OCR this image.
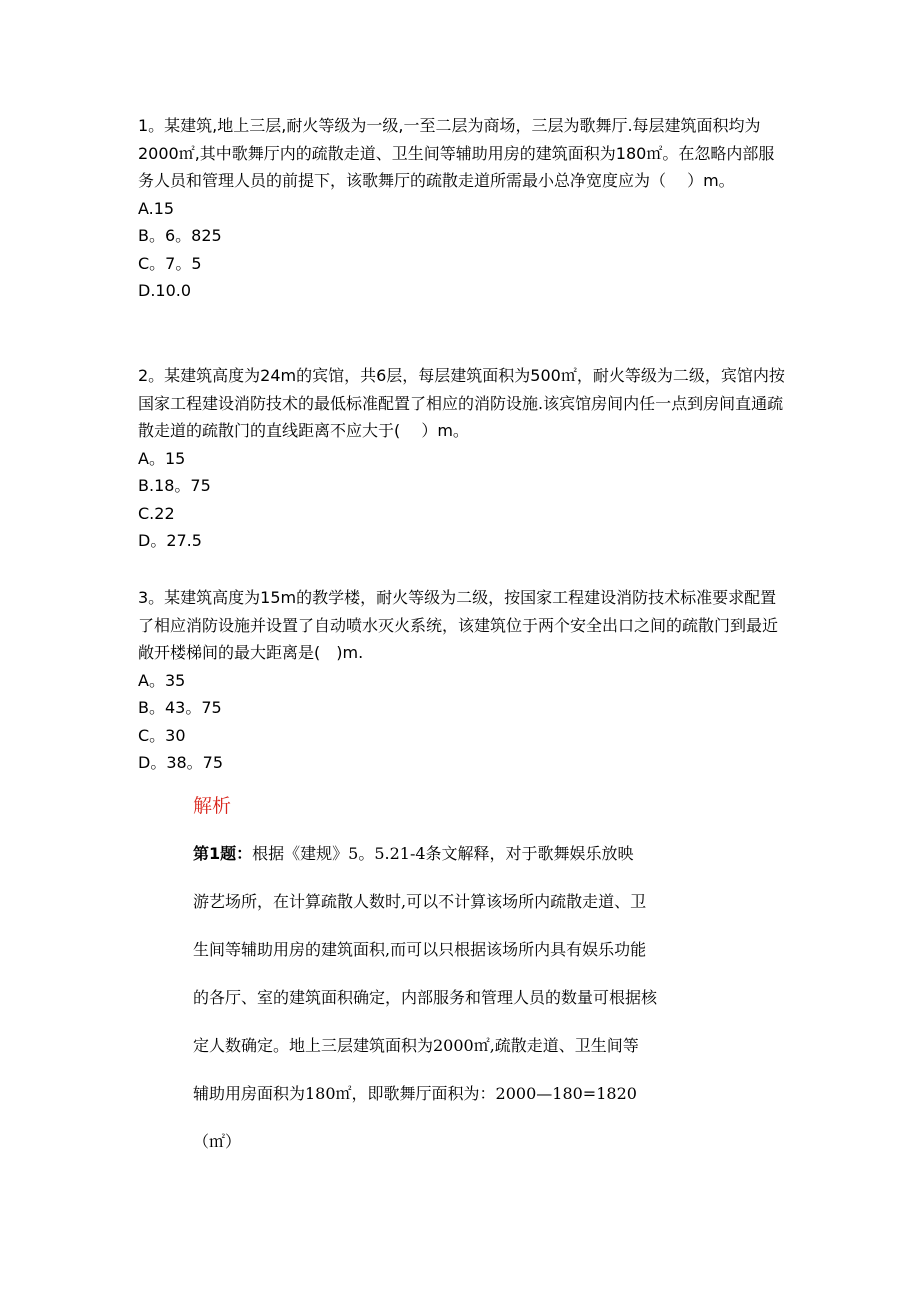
1。某建筑,地上三层,耐火等级为一级,一至二层为商场，三层为歌舞厅.每层建筑面积均为2000㎡,其中歌舞厅内的疏散走道、卫生间等辅助用房的建筑面积为180㎡。在忽略内部服务人员和管理人员的前提下，该歌舞厅的疏散走道所需最小总净宽度应为（　 ）m。

A.15

B。6。825

C。7。5

D.10.0

2。某建筑高度为24m的宾馆，共6层，每层建筑面积为500㎡，耐火等级为二级，宾馆内按国家工程建设消防技术的最低标准配置了相应的消防设施.该宾馆房间内任一点到房间直通疏散走道的疏散门的直线距离不应大于(　 ）m。

A。15

B.18。75

C.22

D。27.5

3。某建筑高度为15m的教学楼，耐火等级为二级，按国家工程建设消防技术标准要求配置了相应消防设施并设置了自动喷水灭火系统，该建筑位于两个安全出口之间的疏散门到最近敞开楼梯间的最大距离是(　)m.

A。35

B。43。75

C。30

D。38。75

解析

第1题：根据《建规》5。5.21-4条文解释，对于歌舞娱乐放映

游艺场所，在计算疏散人数时,可以不计算该场所内疏散走道、卫

生间等辅助用房的建筑面积,而可以只根据该场所内具有娱乐功能

的各厅、室的建筑面积确定，内部服务和管理人员的数量可根据核

定人数确定。地上三层建筑面积为2000㎡,疏散走道、卫生间等

辅助用房面积为180㎡，即歌舞厅面积为：2000—180=1820

（㎡）
